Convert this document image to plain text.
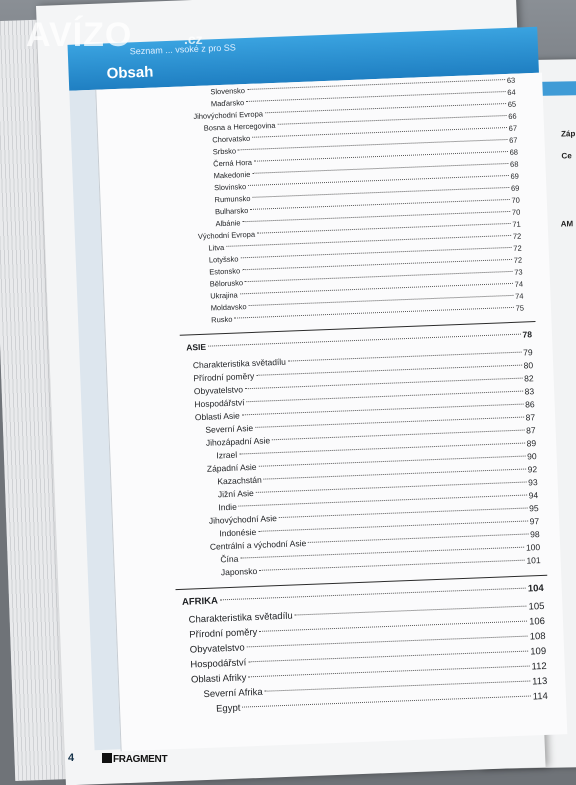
Záp
Ce
AM
Seznam ... vsoké z pro SS
Obsah
Slovensko
63
Maďarsko
64
Jihovýchodní Evropa
65
Bosna a Hercegovina
66
Chorvatsko
67
Srbsko
67
Černá Hora
68
Makedonie
68
Slovinsko
69
Rumunsko
69
Bulharsko
70
Albánie
70
Východní Evropa
71
Litva
72
Lotyšsko
72
Estonsko
72
Bělorusko
73
Ukrajina
74
Moldavsko
74
Rusko
75
ASIE
78
Charakteristika světadílu
79
Přírodní poměry
80
Obyvatelstvo
82
Hospodářství
83
Oblasti Asie
86
Severní Asie
87
Jihozápadní Asie
87
Izrael
89
Západní Asie
90
Kazachstán
92
Jižní Asie
93
Indie
94
Jihovýchodní Asie
95
Indonésie
97
Centrální a východní Asie
98
Čína
100
Japonsko
101
AFRIKA
104
Charakteristika světadílu
105
Přírodní poměry
106
Obyvatelstvo
108
Hospodářství
109
Oblasti Afriky
112
Severní Afrika
113
Egypt
114
AVÍZO	.cz
4	FRAGMENT
